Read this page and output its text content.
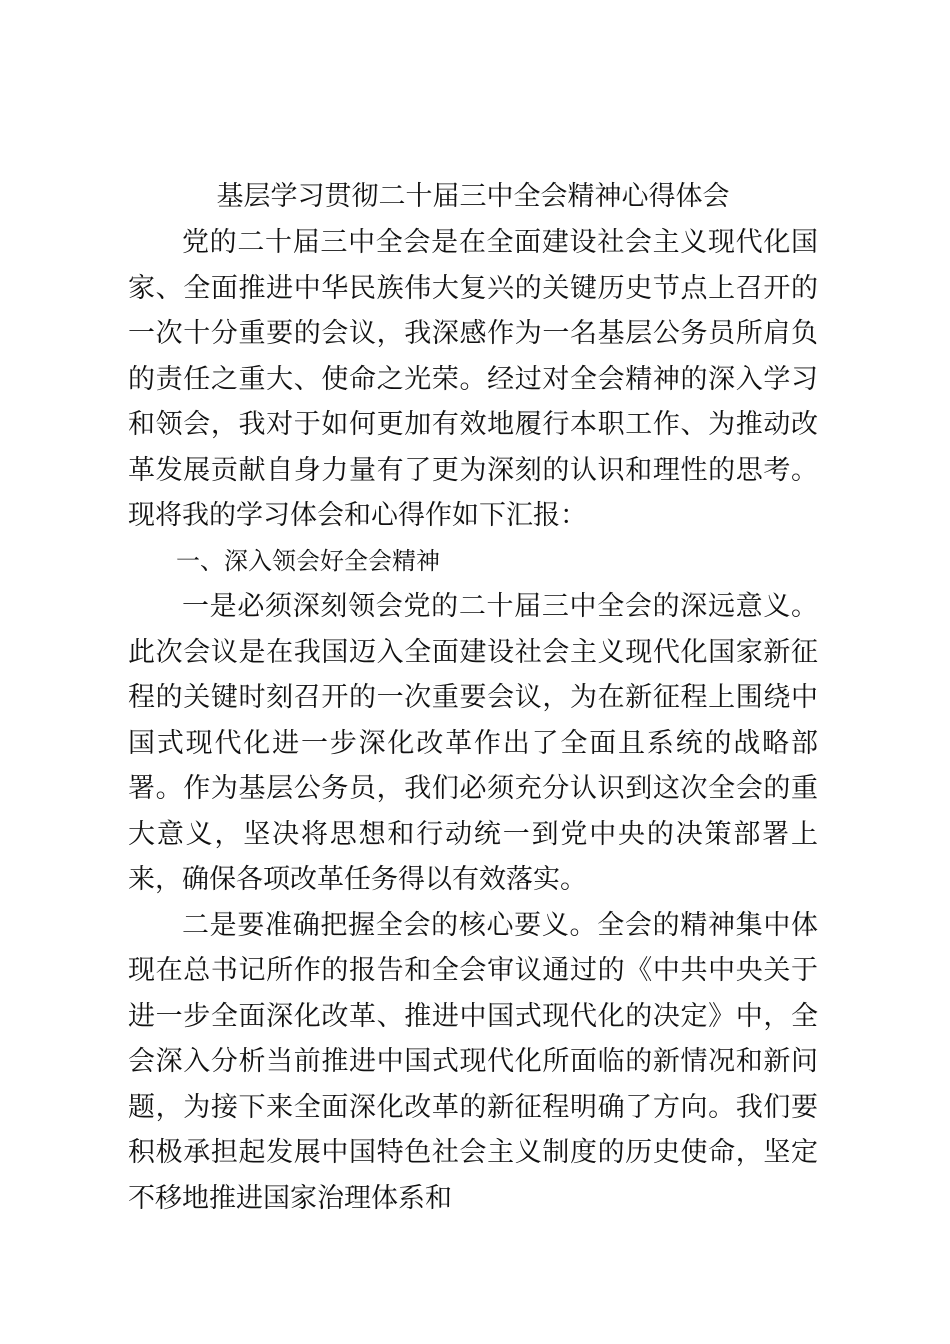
基层学习贯彻二十届三中全会精神心得体会

党的二十届三中全会是在全面建设社会主义现代化国家、全面推进中华民族伟大复兴的关键历史节点上召开的一次十分重要的会议，我深感作为一名基层公务员所肩负的责任之重大、使命之光荣。经过对全会精神的深入学习和领会，我对于如何更加有效地履行本职工作、为推动改革发展贡献自身力量有了更为深刻的认识和理性的思考。现将我的学习体会和心得作如下汇报：

一、深入领会好全会精神

一是必须深刻领会党的二十届三中全会的深远意义。此次会议是在我国迈入全面建设社会主义现代化国家新征程的关键时刻召开的一次重要会议，为在新征程上围绕中国式现代化进一步深化改革作出了全面且系统的战略部署。作为基层公务员，我们必须充分认识到这次全会的重大意义，坚决将思想和行动统一到党中央的决策部署上来，确保各项改革任务得以有效落实。

二是要准确把握全会的核心要义。全会的精神集中体现在总书记所作的报告和全会审议通过的《中共中央关于进一步全面深化改革、推进中国式现代化的决定》中，全会深入分析当前推进中国式现代化所面临的新情况和新问题，为接下来全面深化改革的新征程明确了方向。我们要积极承担起发展中国特色社会主义制度的历史使命，坚定不移地推进国家治理体系和
